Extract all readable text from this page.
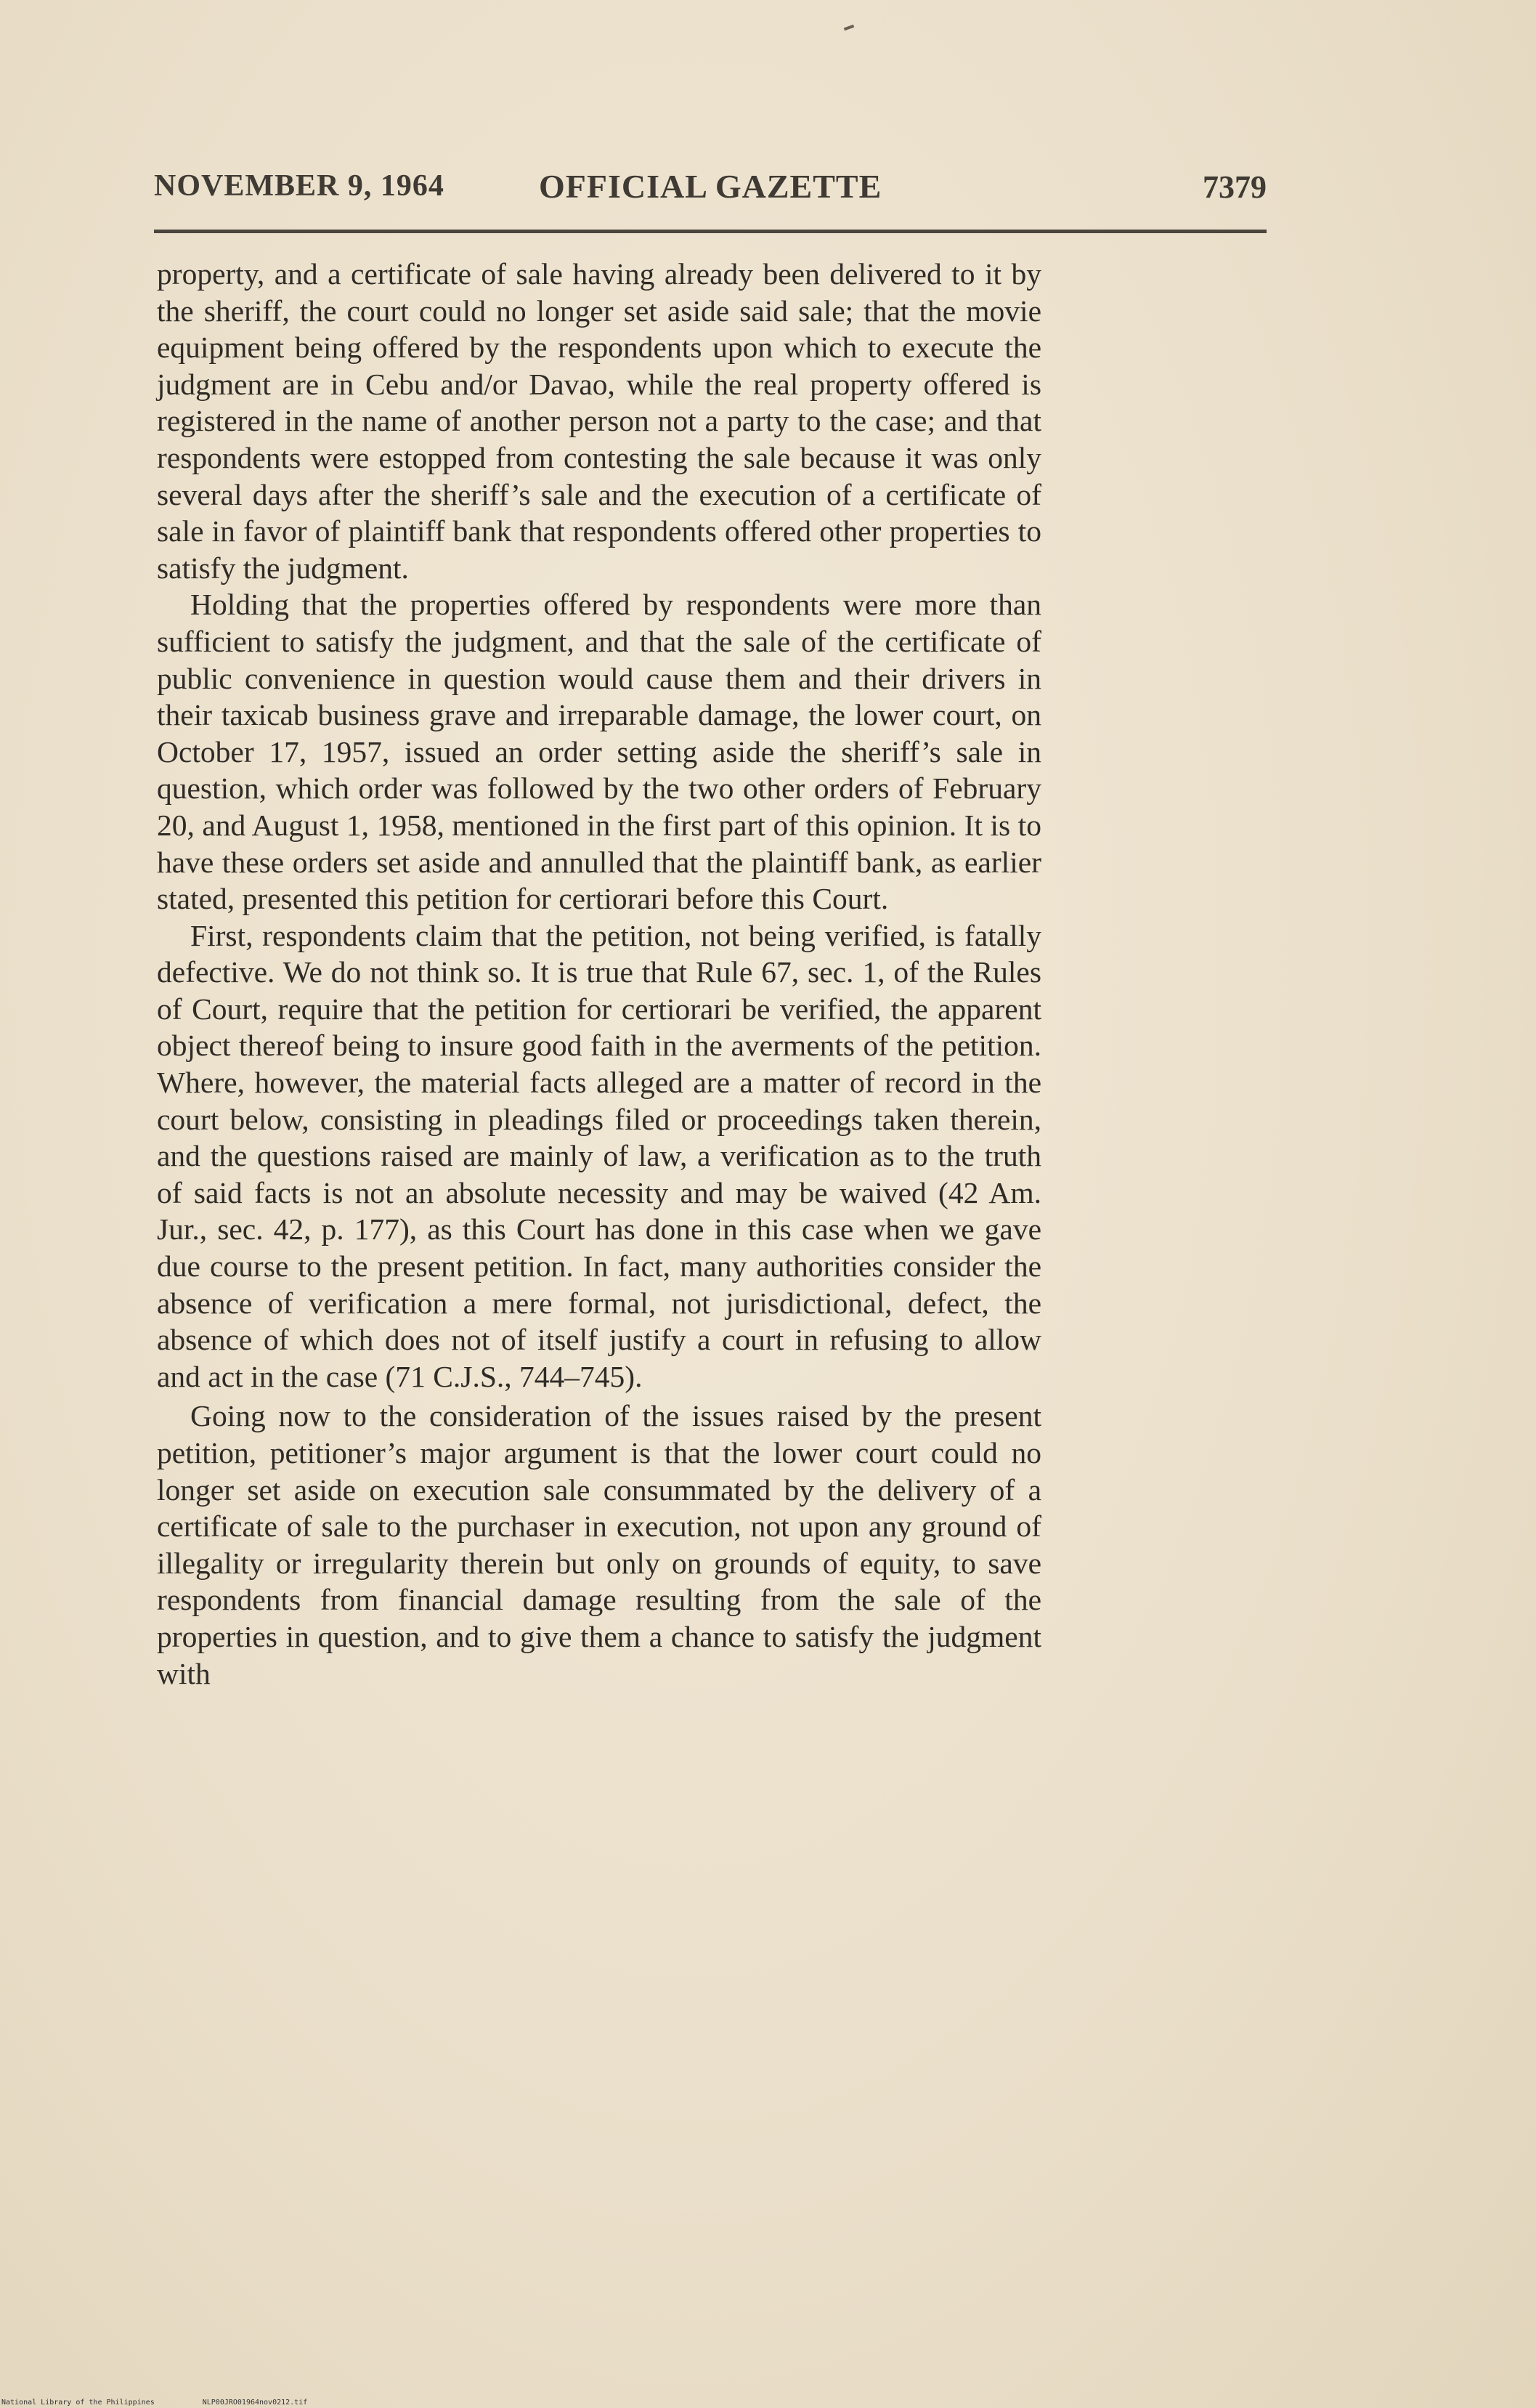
NOVEMBER 9, 1964	OFFICIAL GAZETTE	7379

property, and a certificate of sale having already been delivered to it by the sheriff, the court could no longer set aside said sale; that the movie equipment being offered by the respondents upon which to execute the judgment are in Cebu and/or Davao, while the real property offered is registered in the name of another person not a party to the case; and that respondents were estopped from contesting the sale because it was only several days after the sheriff’s sale and the execution of a certificate of sale in favor of plaintiff bank that respondents offered other properties to satisfy the judgment.

Holding that the properties offered by respondents were more than sufficient to satisfy the judgment, and that the sale of the certificate of public convenience in question would cause them and their drivers in their taxicab business grave and irreparable damage, the lower court, on October 17, 1957, issued an order setting aside the sheriff’s sale in question, which order was followed by the two other orders of February 20, and August 1, 1958, mentioned in the first part of this opinion. It is to have these orders set aside and annulled that the plaintiff bank, as earlier stated, presented this petition for certiorari before this Court.

First, respondents claim that the petition, not being verified, is fatally defective. We do not think so. It is true that Rule 67, sec. 1, of the Rules of Court, require that the petition for certiorari be verified, the apparent object thereof being to insure good faith in the averments of the petition. Where, however, the material facts alleged are a matter of record in the court below, consisting in pleadings filed or proceedings taken therein, and the questions raised are mainly of law, a verification as to the truth of said facts is not an absolute necessity and may be waived (42 Am. Jur., sec. 42, p. 177), as this Court has done in this case when we gave due course to the present petition. In fact, many authorities consider the absence of verification a mere formal, not jurisdictional, defect, the absence of which does not of itself justify a court in refusing to allow and act in the case (71 C.J.S., 744–745).

Going now to the consideration of the issues raised by the present petition, petitioner’s major argument is that the lower court could no longer set aside on execution sale consummated by the delivery of a certificate of sale to the purchaser in execution, not upon any ground of illegality or irregularity therein but only on grounds of equity, to save respondents from financial damage resulting from the sale of the properties in question, and to give them a chance to satisfy the judgment with

National Library of the Philippines	NLP00JRO01964nov0212.tif
